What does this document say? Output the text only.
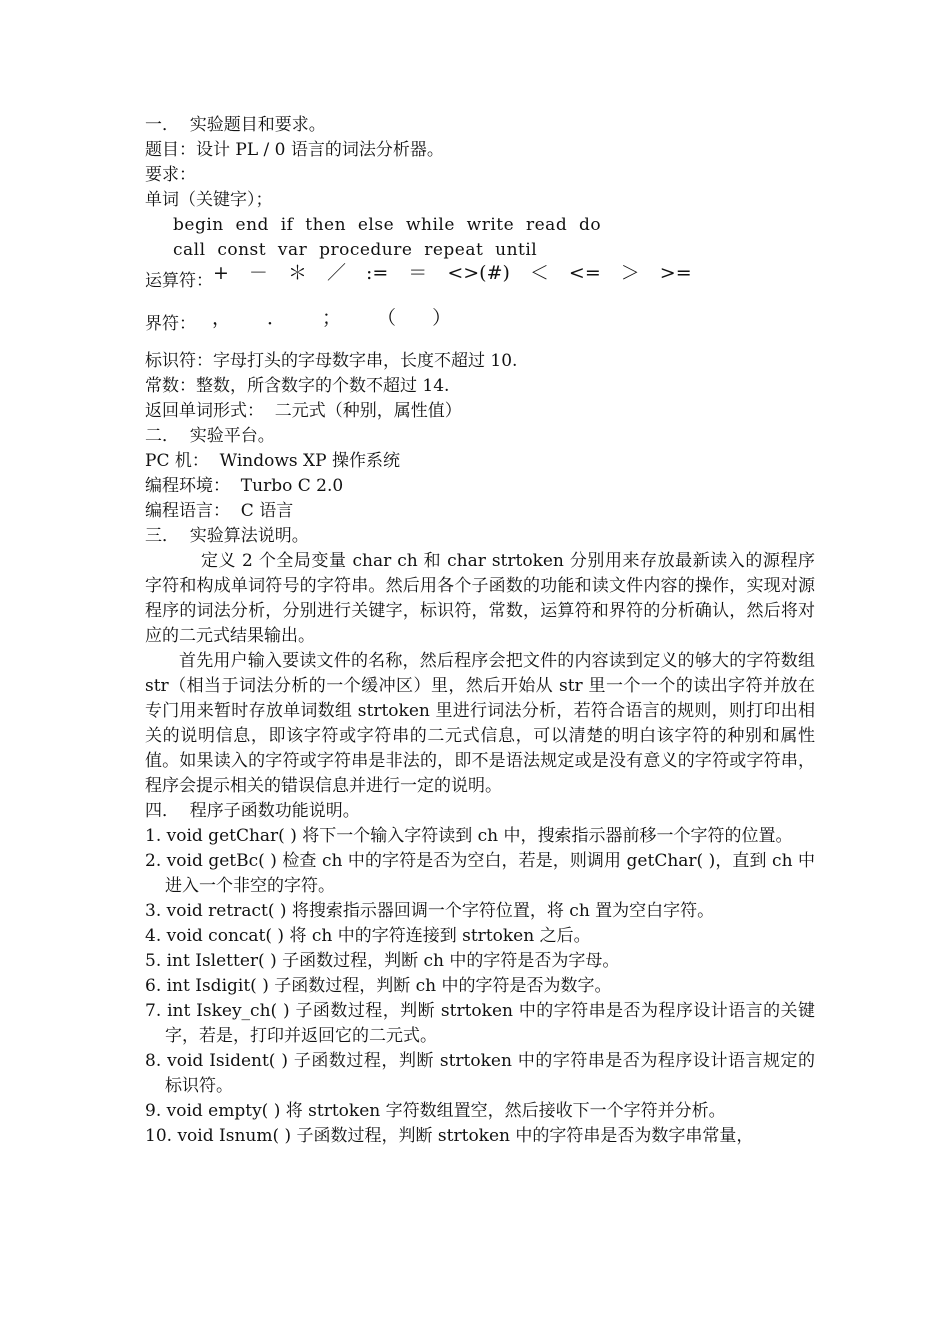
一．  实验题目和要求。
题目：设计 PL / 0 语言的词法分析器。
要求：
单词（关键字）；
begin  end  if  then  else  while  write  read  do
call  const  var  procedure  repeat  until
运算符： + － ＊ ／ := ＝ <>(#) ＜ <= ＞ >=
界符： ， ． ； （ ）
标识符：字母打头的字母数字串，长度不超过 10.
常数：整数，所含数字的个数不超过 14.
返回单词形式：  二元式（种别，属性值）
二．  实验平台。
PC 机：  Windows XP 操作系统
编程环境：  Turbo C 2.0
编程语言：  C 语言
三．  实验算法说明。
定义 2 个全局变量 char ch 和 char strtoken 分别用来存放最新读入的源程序字符和构成单词符号的字符串。然后用各个子函数的功能和读文件内容的操作，实现对源程序的词法分析，分别进行关键字，标识符，常数，运算符和界符的分析确认，然后将对应的二元式结果输出。
首先用户输入要读文件的名称，然后程序会把文件的内容读到定义的够大的字符数组 str（相当于词法分析的一个缓冲区）里，然后开始从 str 里一个一个的读出字符并放在专门用来暂时存放单词数组 strtoken 里进行词法分析，若符合语言的规则，则打印出相关的说明信息，即该字符或字符串的二元式信息，可以清楚的明白该字符的种别和属性值。如果读入的字符或字符串是非法的，即不是语法规定或是没有意义的字符或字符串，程序会提示相关的错误信息并进行一定的说明。
四．  程序子函数功能说明。
1. void getChar( ) 将下一个输入字符读到 ch 中，搜索指示器前移一个字符的位置。
2. void getBc( ) 检查 ch 中的字符是否为空白，若是，则调用 getChar( )，直到 ch 中进入一个非空的字符。
3. void retract( ) 将搜索指示器回调一个字符位置，将 ch 置为空白字符。
4. void concat( ) 将 ch 中的字符连接到 strtoken 之后。
5. int Isletter( ) 子函数过程，判断 ch 中的字符是否为字母。
6. int Isdigit( ) 子函数过程，判断 ch 中的字符是否为数字。
7. int Iskey_ch( ) 子函数过程，判断 strtoken 中的字符串是否为程序设计语言的关键字，若是，打印并返回它的二元式。
8. void Isident( ) 子函数过程，判断 strtoken 中的字符串是否为程序设计语言规定的标识符。
9. void empty( ) 将 strtoken 字符数组置空，然后接收下一个字符并分析。
10. void Isnum( ) 子函数过程，判断 strtoken 中的字符串是否为数字串常量，
